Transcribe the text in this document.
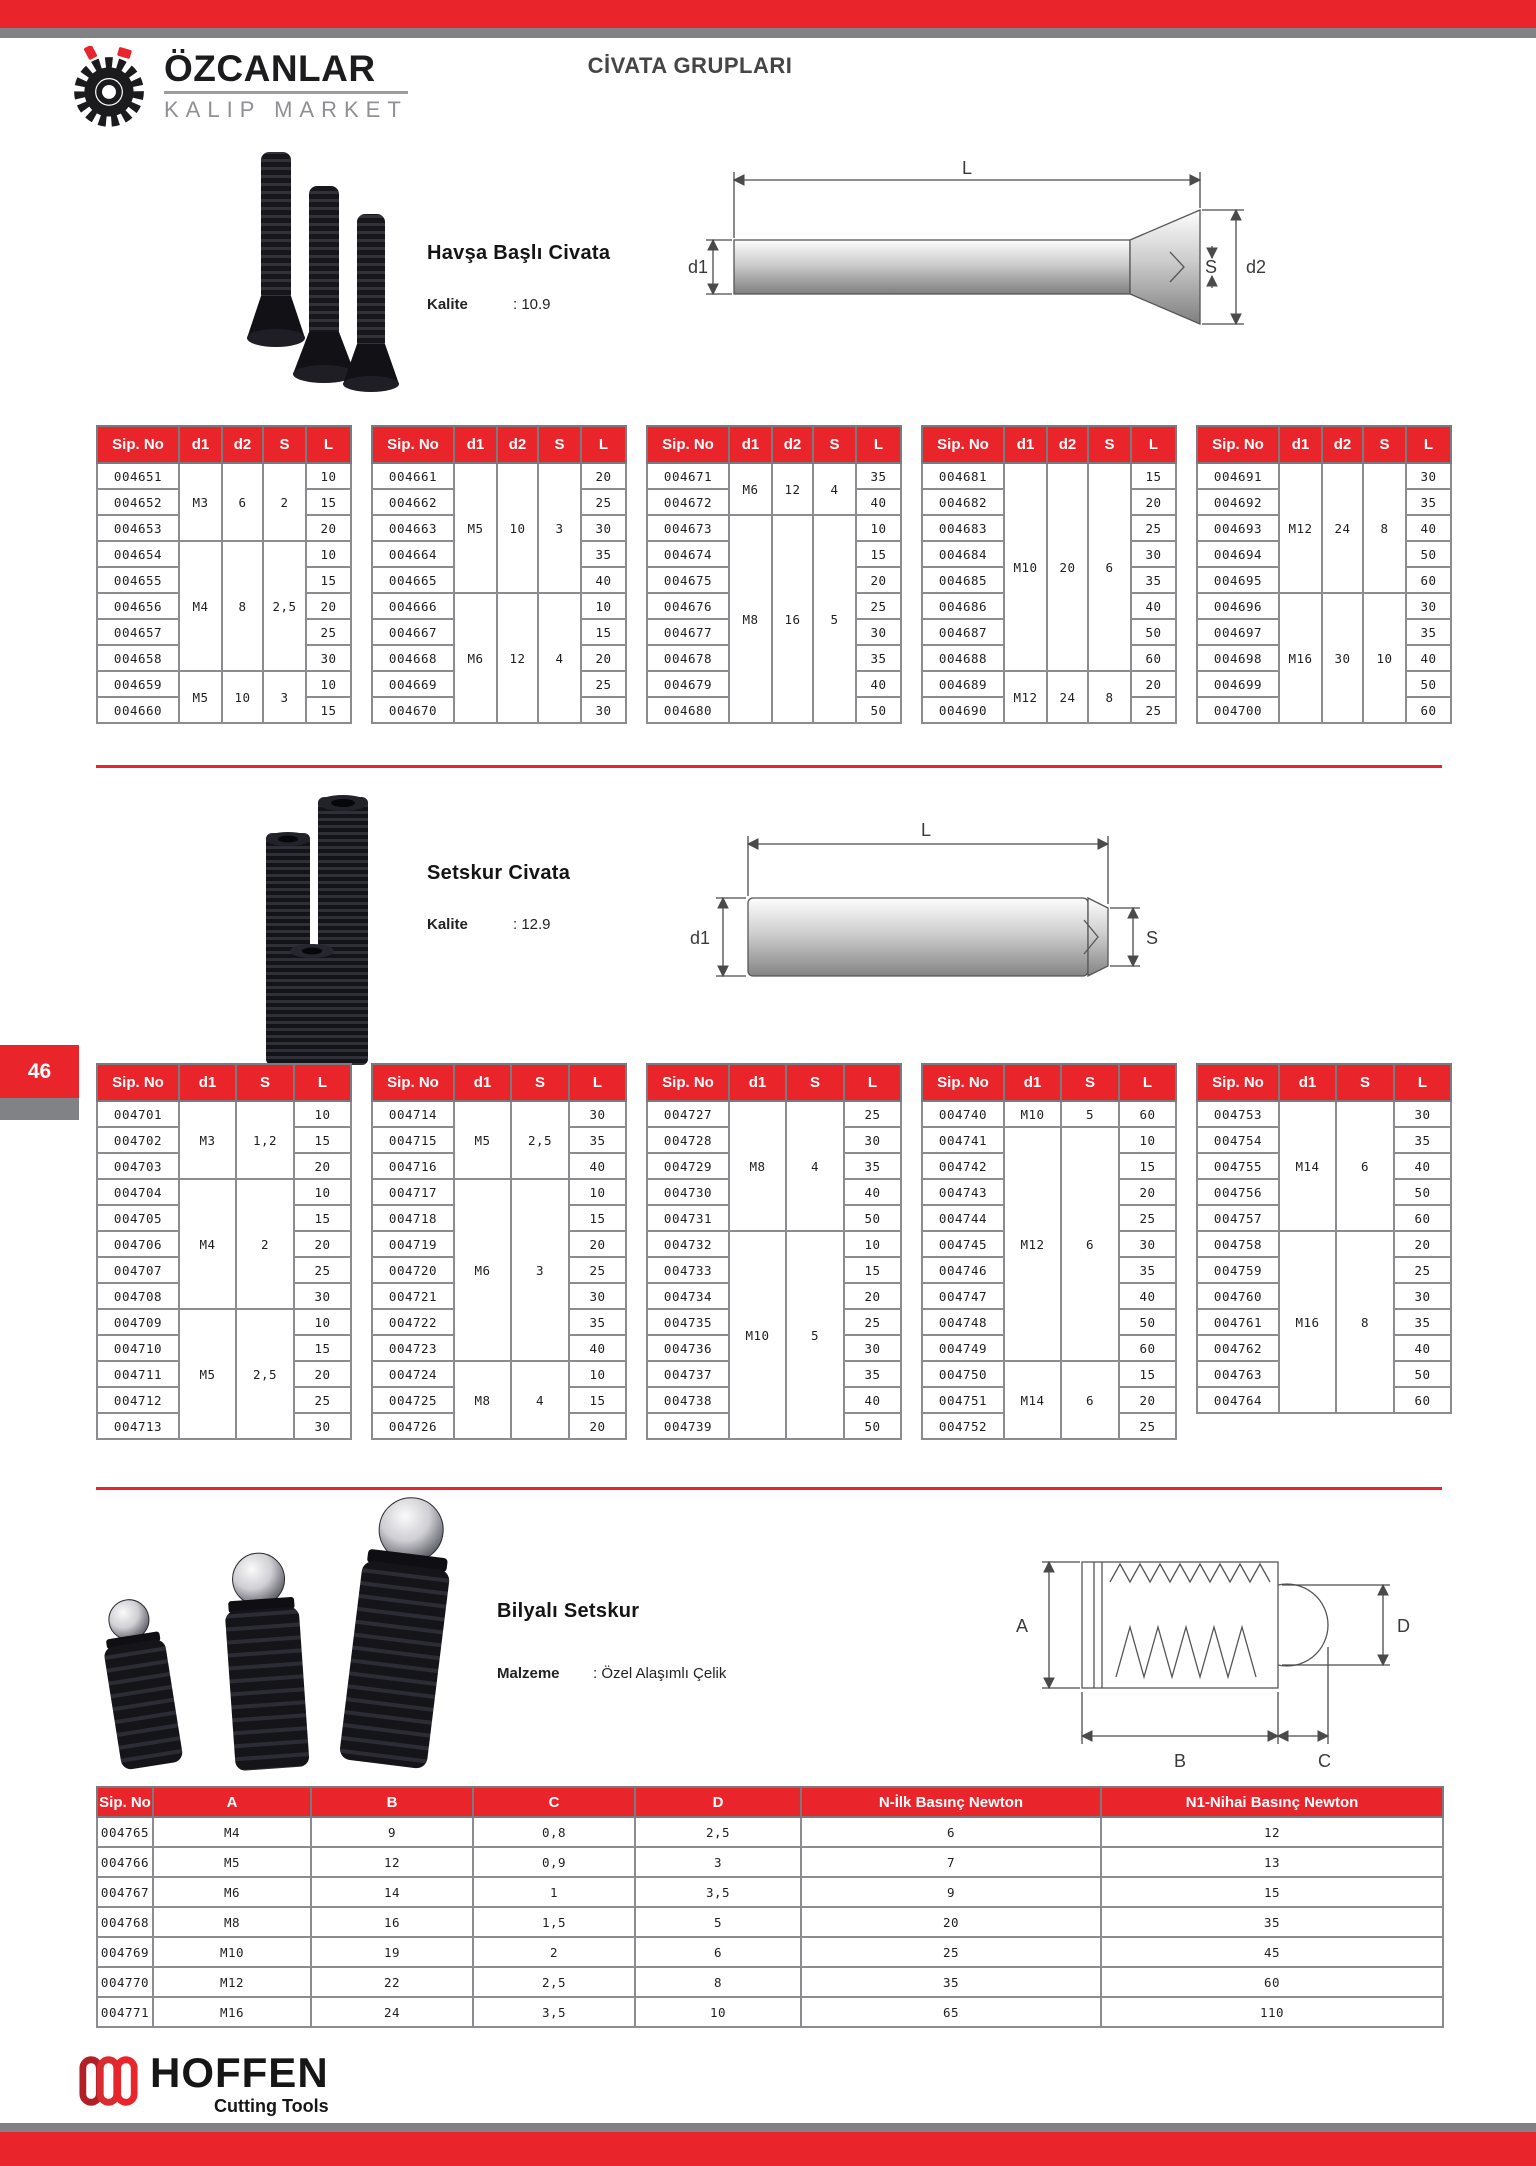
ÖZCANLAR
KALIP MARKET
CİVATA GRUPLARI
Havşa Başlı Civata
Kalite	: 10.9
L
d1	S d2
Sip. No	d1	d2	S	L
004651	M3	6	2	10
004652				15
004653				20
004654	M4	8	2,5	10
004655				15
004656				20
004657				25
004658				30
004659	M5	10	3	10
004660				15
Sip. No	d1	d2	S	L
004661	M5	10	3	20
004662				25
004663				30
004664				35
004665				40
004666	M6	12	4	10
004667				15
004668				20
004669				25
004670				30
Sip. No	d1	d2	S	L
004671	M6	12	4	35
004672				40
004673	M8	16	5	10
004674				15
004675				20
004676				25
004677				30
004678				35
004679				40
004680				50
Sip. No	d1	d2	S	L
004681	M10	20	6	15
004682				20
004683				25
004684				30
004685				35
004686				40
004687				50
004688				60
004689	M12	24	8	20
004690				25
Sip. No	d1	d2	S	L
004691	M12	24	8	30
004692				35
004693				40
004694				50
004695				60
004696	M16	30	10	30
004697				35
004698				40
004699				50
004700				60
Setskur Civata
Kalite	: 12.9
L
d1	S
46	Sip. No	d1	S	L
004701	M3	1,2	10
004702			15
004703			20
004704	M4	2	10
004705			15
004706			20
004707			25
004708			30
004709	M5	2,5	10
004710			15
004711			20
004712			25
004713			30
Sip. No	d1	S	L
004714	M5	2,5	30
004715			35
004716			40
004717	M6	3	10
004718			15
004719			20
004720			25
004721			30
004722			35
004723			40
004724	M8	4	10
004725			15
004726			20
Sip. No	d1	S	L
004727	M8	4	25
004728			30
004729			35
004730			40
004731			50
004732	M10	5	10
004733			15
004734			20
004735			25
004736			30
004737			35
004738			40
004739			50
Sip. No	d1	S	L
004740	M10	5	60
004741	M12	6	10
004742			15
004743			20
004744			25
004745			30
004746			35
004747			40
004748			50
004749			60
004750	M14	6	15
004751			20
004752			25
Sip. No	d1	S	L
004753	M14	6	30
004754			35
004755			40
004756			50
004757			60
004758	M16	8	20
004759			25
004760			30
004761			35
004762			40
004763			50
004764			60
Bilyalı Setskur
Malzeme : Özel Alaşımlı Çelik
A	D
B	C
Sip. No	A	B	C	D	N-İlk Basınç Newton	N1-Nihai Basınç Newton
004765	M4	9	0,8	2,5	6	12
004766	M5	12	0,9	3	7	13
004767	M6	14	1	3,5	9	15
004768	M8	16	1,5	5	20	35
004769	M10	19	2	6	25	45
004770	M12	22	2,5	8	35	60
004771	M16	24	3,5	10	65	110
HOFFEN
Cutting Tools
